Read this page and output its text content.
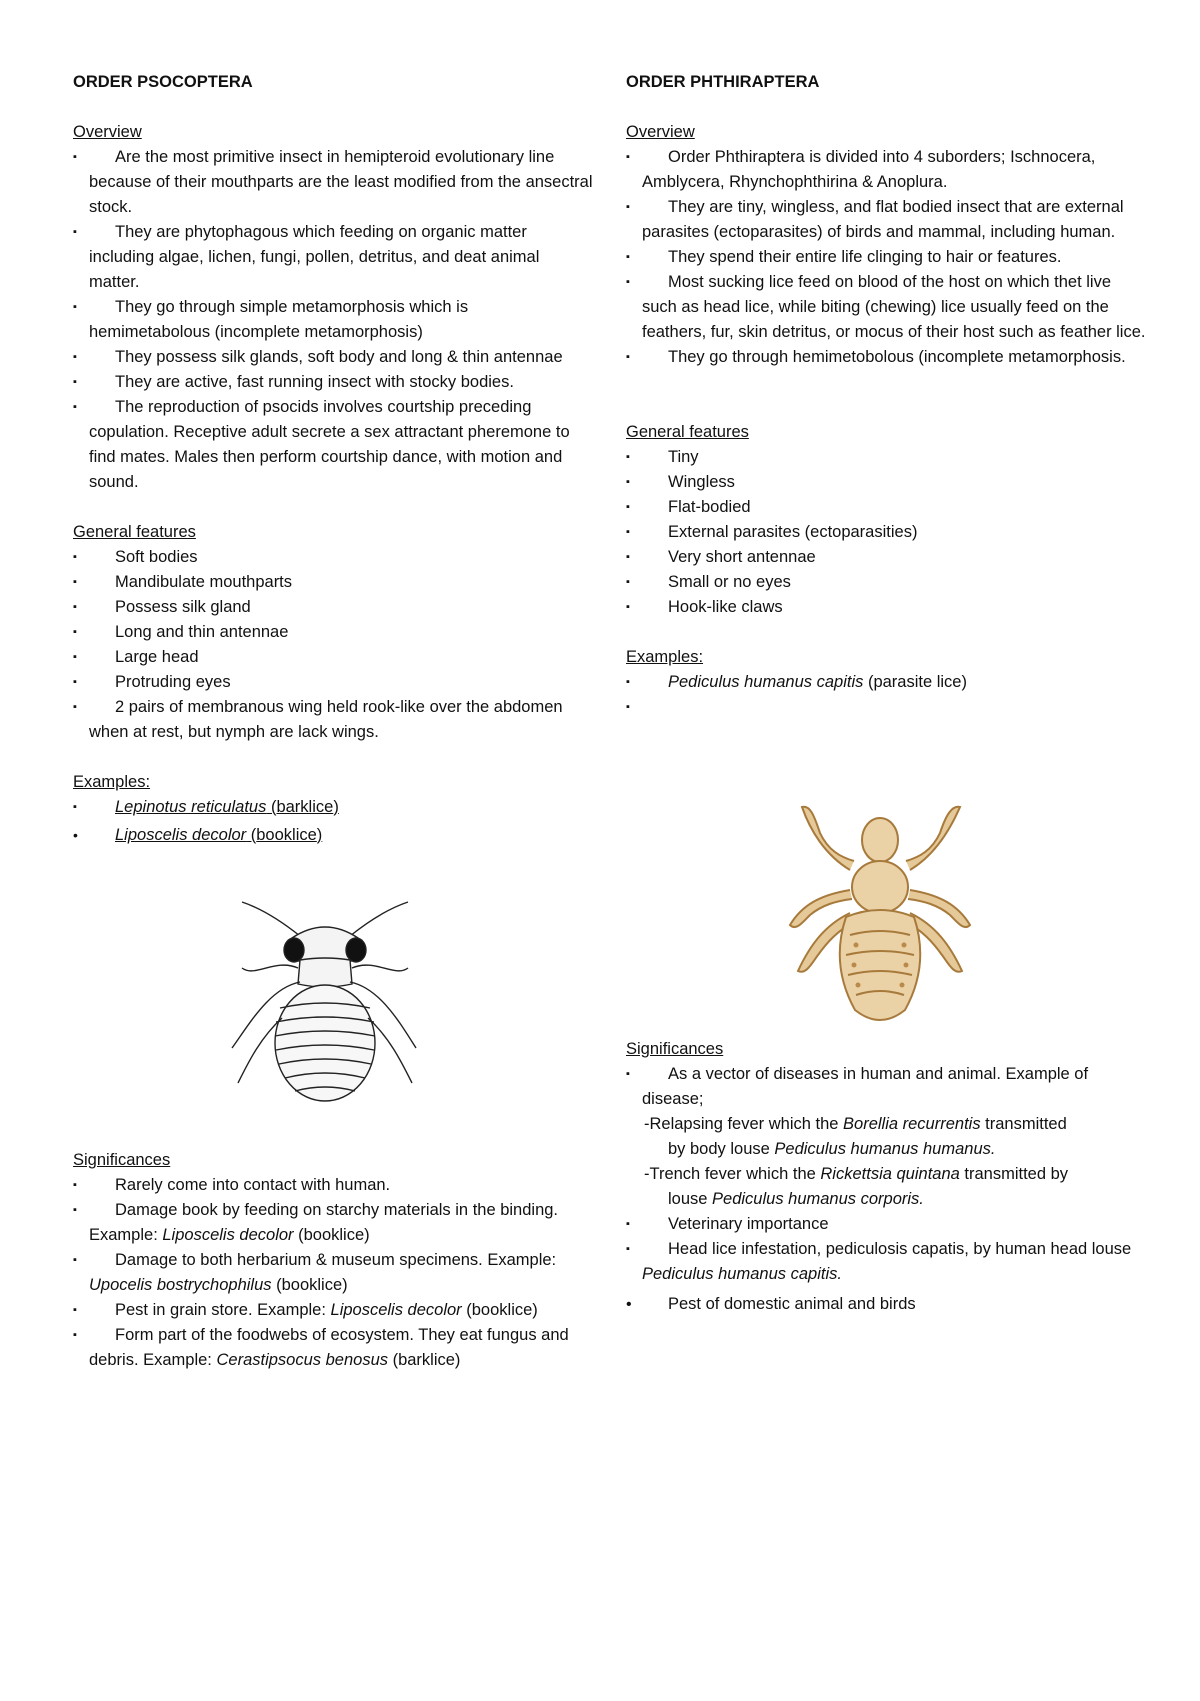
ORDER PSOCOPTERA
Overview
▪ Are the most primitive insect in hemipteroid evolutionary line because of their mouthparts are the least modified from the ansectral stock.
▪ They are phytophagous which feeding on organic matter including algae, lichen, fungi, pollen, detritus, and deat animal matter.
▪ They go through simple metamorphosis which is hemimetabolous (incomplete metamorphosis)
▪ They possess silk glands, soft body and long & thin antennae
▪ They are active, fast running insect with stocky bodies.
▪ The reproduction of psocids involves courtship preceding copulation. Receptive adult secrete a sex attractant pheremone to find mates. Males then perform courtship dance, with motion and sound.
General features
▪ Soft bodies
▪ Mandibulate mouthparts
▪ Possess silk gland
▪ Long and thin antennae
▪ Large head
▪ Protruding eyes
▪ 2 pairs of membranous wing held rook-like over the abdomen when at rest, but nymph are lack wings.
Examples:
▪ Lepinotus reticulatus (barklice)
• Liposcelis decolor (booklice)
Significances
▪ Rarely come into contact with human.
▪ Damage book by feeding on starchy materials in the binding. Example: Liposcelis decolor (booklice)
▪ Damage to both herbarium & museum specimens. Example: Upocelis bostrychophilus (booklice)
▪ Pest in grain store. Example: Liposcelis decolor (booklice)
▪ Form part of the foodwebs of ecosystem. They eat fungus and debris. Example: Cerastipsocus benosus (barklice)
ORDER PHTHIRAPTERA
Overview
▪ Order Phthiraptera is divided into 4 suborders; Ischnocera, Amblycera, Rhynchophthirina & Anoplura.
▪ They are tiny, wingless, and flat bodied insect that are external parasites (ectoparasites) of birds and mammal, including human.
▪ They spend their entire life clinging to hair or features.
▪ Most sucking lice feed on blood of the host on which thet live such as head lice, while biting (chewing) lice usually feed on the feathers, fur, skin detritus, or mocus of their host such as feather lice.
▪ They go through hemimetobolous (incomplete metamorphosis.
General features
▪ Tiny
▪ Wingless
▪ Flat-bodied
▪ External parasites (ectoparasities)
▪ Very short antennae
▪ Small or no eyes
▪ Hook-like claws
Examples:
▪ Pediculus humanus capitis (parasite lice)
▪

Significances
▪ As a vector of diseases in human and animal. Example of disease;
-Relapsing fever which the Borellia recurrentis transmitted
by body louse Pediculus humanus humanus.
-Trench fever which the Rickettsia quintana transmitted by
louse Pediculus humanus corporis.
▪ Veterinary importance
▪ Head lice infestation, pediculosis capatis, by human head louse Pediculus humanus capitis.
• Pest of domestic animal and birds
